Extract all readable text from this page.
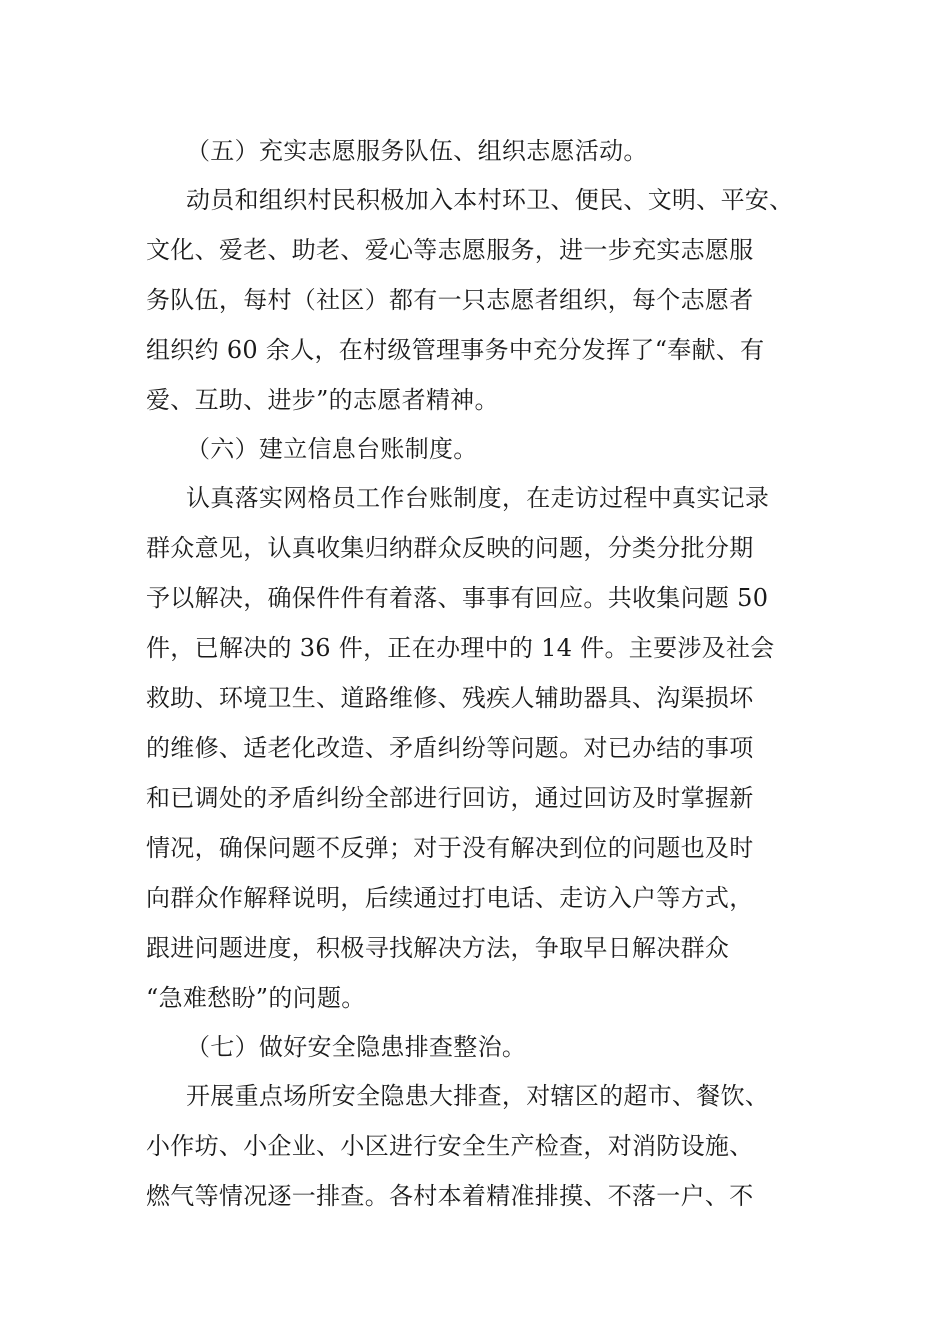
（五）充实志愿服务队伍、组织志愿活动。
动员和组织村民积极加入本村环卫、便民、文明、平安、
文化、爱老、助老、爱心等志愿服务，进一步充实志愿服
务队伍，每村（社区）都有一只志愿者组织，每个志愿者
组织约 60 余人，在村级管理事务中充分发挥了“奉献、有
爱、互助、进步”的志愿者精神。
（六）建立信息台账制度。
认真落实网格员工作台账制度，在走访过程中真实记录
群众意见，认真收集归纳群众反映的问题，分类分批分期
予以解决，确保件件有着落、事事有回应。共收集问题 50
件，已解决的 36 件，正在办理中的 14 件。主要涉及社会
救助、环境卫生、道路维修、残疾人辅助器具、沟渠损坏
的维修、适老化改造、矛盾纠纷等问题。对已办结的事项
和已调处的矛盾纠纷全部进行回访，通过回访及时掌握新
情况，确保问题不反弹；对于没有解决到位的问题也及时
向群众作解释说明，后续通过打电话、走访入户等方式，
跟进问题进度，积极寻找解决方法，争取早日解决群众
“急难愁盼”的问题。
（七）做好安全隐患排查整治。
开展重点场所安全隐患大排查，对辖区的超市、餐饮、
小作坊、小企业、小区进行安全生产检查，对消防设施、
燃气等情况逐一排查。各村本着精准排摸、不落一户、不
